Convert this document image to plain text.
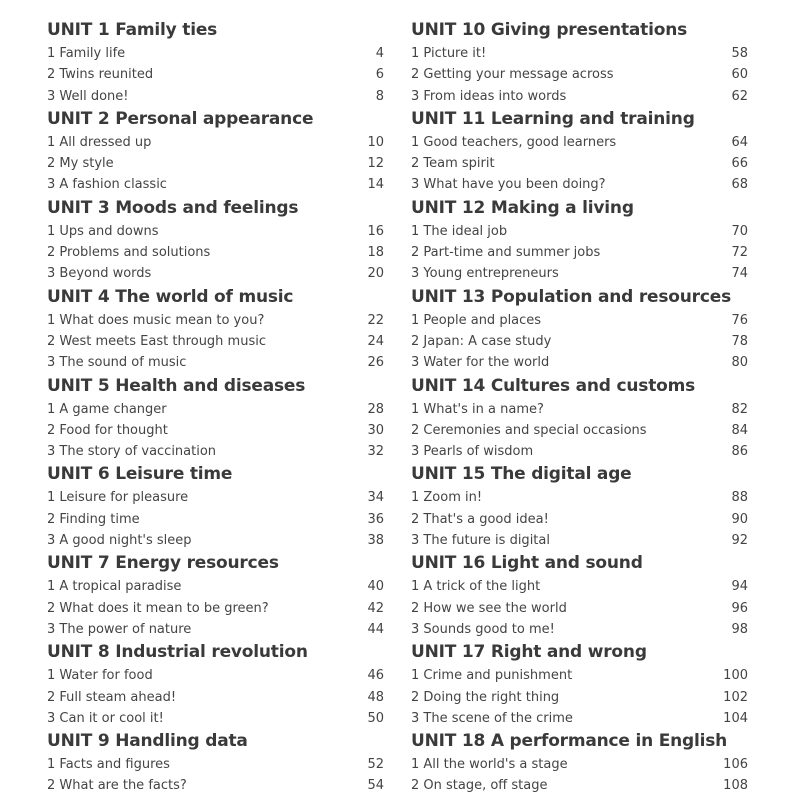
UNIT 1 Family ties
1 Family life	4
2 Twins reunited	6
3 Well done!	8
UNIT 2 Personal appearance
1 All dressed up	10
2 My style	12
3 A fashion classic	14
UNIT 3 Moods and feelings
1 Ups and downs	16
2 Problems and solutions	18
3 Beyond words	20
UNIT 4 The world of music
1 What does music mean to you?	22
2 West meets East through music	24
3 The sound of music	26
UNIT 5 Health and diseases
1 A game changer	28
2 Food for thought	30
3 The story of vaccination	32
UNIT 6 Leisure time
1 Leisure for pleasure	34
2 Finding time	36
3 A good night's sleep	38
UNIT 7 Energy resources
1 A tropical paradise	40
2 What does it mean to be green?	42
3 The power of nature	44
UNIT 8 Industrial revolution
1 Water for food	46
2 Full steam ahead!	48
3 Can it or cool it!	50
UNIT 9 Handling data
1 Facts and figures	52
2 What are the facts?	54
UNIT 10 Giving presentations
1 Picture it!	58
2 Getting your message across	60
3 From ideas into words	62
UNIT 11 Learning and training
1 Good teachers, good learners	64
2 Team spirit	66
3 What have you been doing?	68
UNIT 12 Making a living
1 The ideal job	70
2 Part-time and summer jobs	72
3 Young entrepreneurs	74
UNIT 13 Population and resources
1 People and places	76
2 Japan: A case study	78
3 Water for the world	80
UNIT 14 Cultures and customs
1 What's in a name?	82
2 Ceremonies and special occasions	84
3 Pearls of wisdom	86
UNIT 15 The digital age
1 Zoom in!	88
2 That's a good idea!	90
3 The future is digital	92
UNIT 16 Light and sound
1 A trick of the light	94
2 How we see the world	96
3 Sounds good to me!	98
UNIT 17 Right and wrong
1 Crime and punishment	100
2 Doing the right thing	102
3 The scene of the crime	104
UNIT 18 A performance in English
1 All the world's a stage	106
2 On stage, off stage	108
